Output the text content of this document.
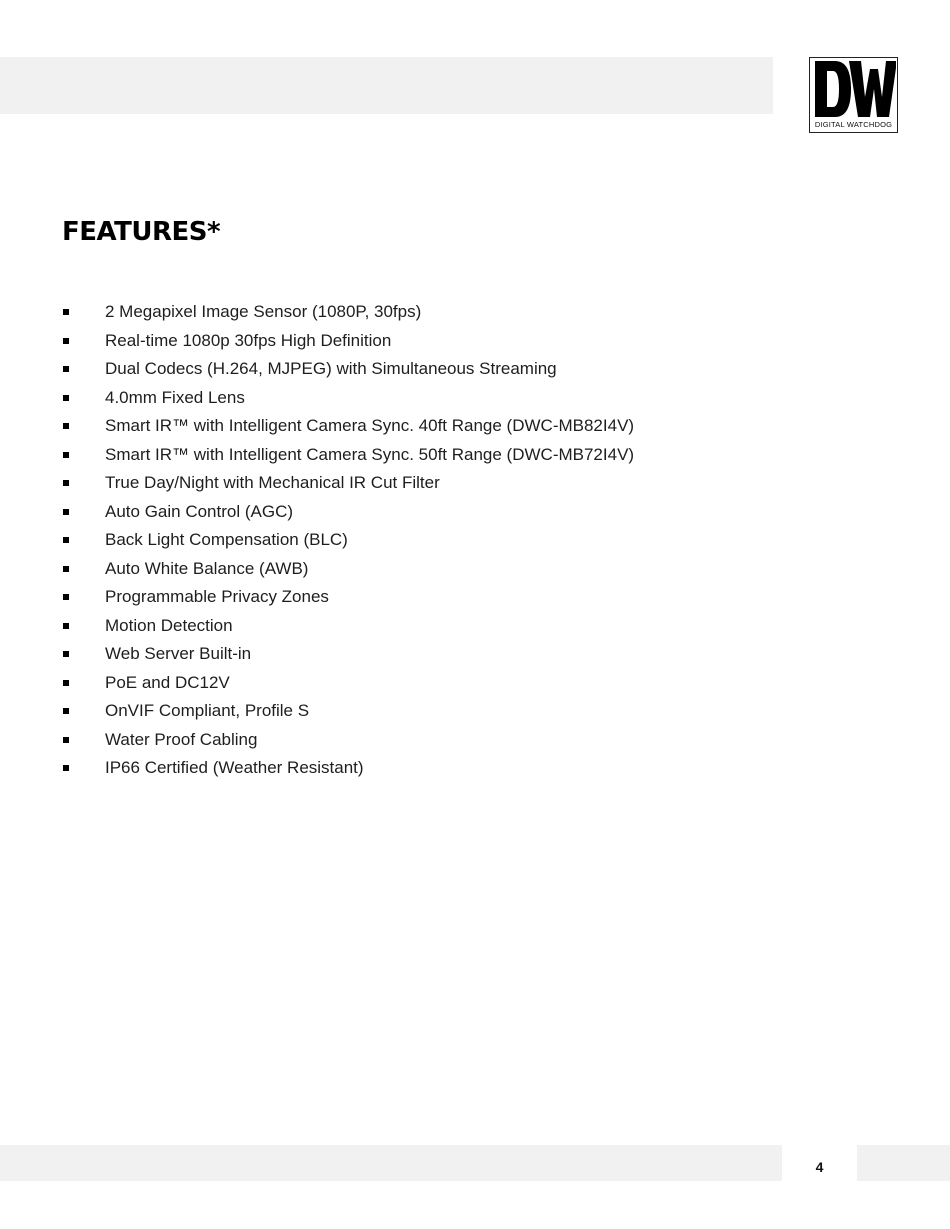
DIGITAL WATCHDOG
FEATURES*
2 Megapixel Image Sensor (1080P, 30fps)
Real-time 1080p 30fps High Definition
Dual Codecs (H.264, MJPEG) with Simultaneous Streaming
4.0mm Fixed Lens
Smart IR™ with Intelligent Camera Sync. 40ft Range (DWC-MB82I4V)
Smart IR™ with Intelligent Camera Sync. 50ft Range (DWC-MB72I4V)
True Day/Night with Mechanical IR Cut Filter
Auto Gain Control (AGC)
Back Light Compensation (BLC)
Auto White Balance (AWB)
Programmable Privacy Zones
Motion Detection
Web Server Built-in
PoE and DC12V
OnVIF Compliant, Profile S
Water Proof Cabling
IP66 Certified (Weather Resistant)
4
